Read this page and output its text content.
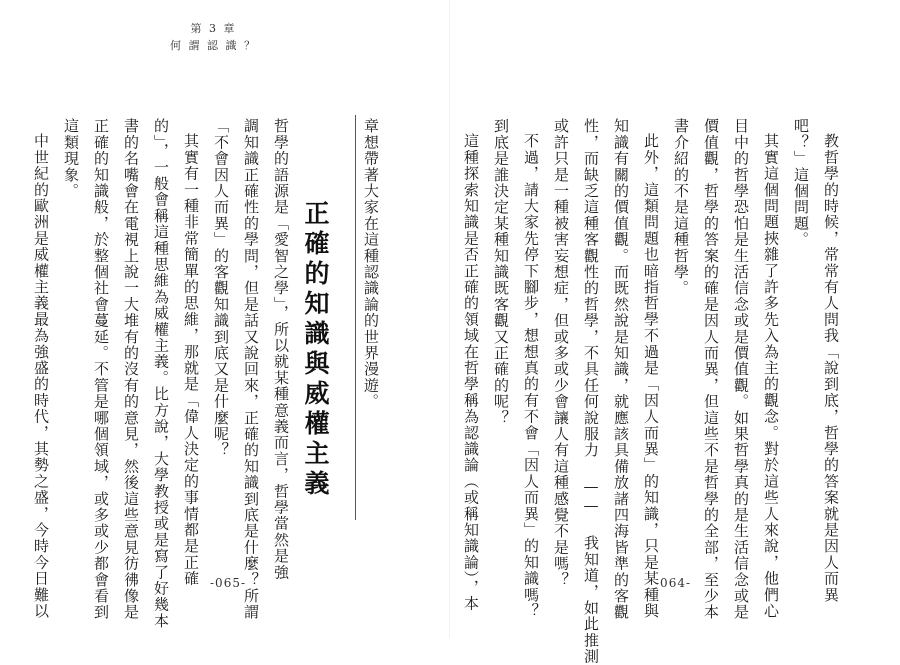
第 3 章
何 謂 認 識 ？
章想帶著大家在這種認識論的世界漫遊。
正確的知識與威權主義
哲學的語源是「愛智之學」，所以就某種意義而言，哲學當然是強
調知識正確性的學問，但是話又說回來，正確的知識到底是什麼？所謂
「不會因人而異」的客觀知識到底又是什麼呢？
其實有一種非常簡單的思維，那就是「偉人決定的事情都是正確
的」，一般會稱這種思維為威權主義。比方說，大學教授或是寫了好幾本
書的名嘴會在電視上說一大堆有的沒有的意見，然後這些意見彷彿像是
正確的知識般，於整個社會蔓延。不管是哪個領域，或多或少都會看到
這類現象。
中世紀的歐洲是威權主義最為強盛的時代，其勢之盛，今時今日難以	-065-	教哲學的時候，常常有人問我「說到底，哲學的答案就是因人而異
吧？」這個問題。
其實這個問題挾雜了許多先入為主的觀念。對於這些人來說，他們心
目中的哲學恐怕是生活信念或是價值觀。如果哲學真的是生活信念或是
價值觀，哲學的答案的確是因人而異，但這些不是哲學的全部，至少本
書介紹的不是這種哲學。
此外，這類問題也暗指哲學不過是「因人而異」的知識，只是某種與
知識有關的價值觀。而既然說是知識，就應該具備放諸四海皆準的客觀
性，而缺乏這種客觀性的哲學，不具任何說服力 —— 我知道，如此推測
或許只是一種被害妄想症，但或多或少會讓人有這種感覺不是嗎？
不過，請大家先停下腳步，想想真的有不會「因人而異」的知識嗎？
到底是誰決定某種知識既客觀又正確的呢？
這種探索知識是否正確的領域在哲學稱為認識論（或稱知識論），本	-064-
